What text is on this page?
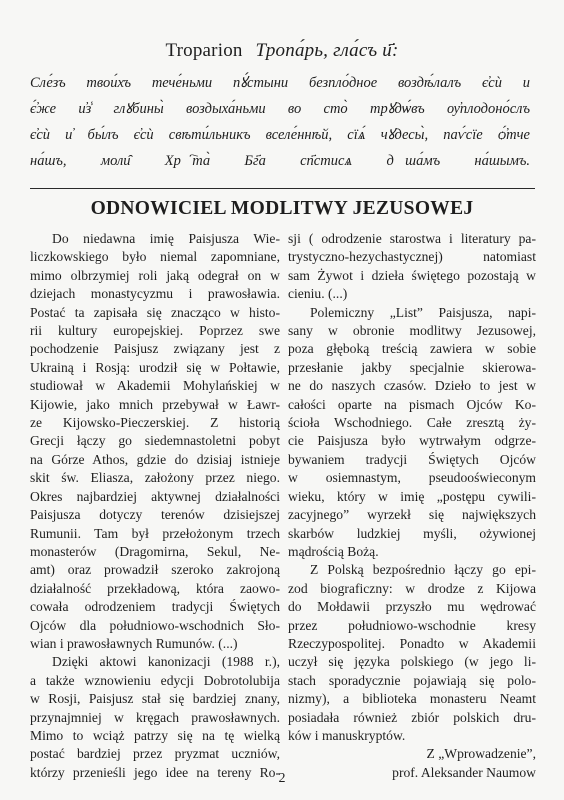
Troparion Тропа́рь, гла́съ и҃:
Сле́зъ твои́хъ тече́ньми пꙋ́стыни безпло́дное воздѣ́лалъ є҆сѝ и҆
є҆́же и҆з̾ глꙋбины̀ воздыха́ньми во сто̀ трꙋдѡ́въ ѹ҆плодоно́слъ
є҆сѝ и҆ бы́лъ є҆сѝ свѣти́льникъ вселе́ннѣй, сїѧ́ чꙋдесы̀, паѵ́сїе ѻ҆́тче
на́шъ, моли̑ Хрⷭ҇та̀ Бг҃а сп҃стисѧ дꙋша́мъ на́шымъ.
ODNOWICIEL MODLITWY JEZUSOWEJ
Do niedawna imię Paisjusza Wie-
liczkowskiego było niemal zapomniane,
mimo olbrzymiej roli jaką odegrał on w
dziejach monastycyzmu i prawosławia.
Postać ta zapisała się znacząco w histo-
rii kultury europejskiej. Poprzez swe
pochodzenie Paisjusz związany jest z
Ukrainą i Rosją: urodził się w Połtawie,
studiował w Akademii Mohylańskiej w
Kijowie, jako mnich przebywał w Ławr-
ze Kijowsko-Pieczerskiej. Z historią
Grecji łączy go siedemnastoletni pobyt
na Górze Athos, gdzie do dzisiaj istnieje
skit św. Eliasza, założony przez niego.
Okres najbardziej aktywnej działalności
Paisjusza dotyczy terenów dzisiejszej
Rumunii. Tam był przełożonym trzech
monasterów (Dragomirna, Sekul, Ne-
amt) oraz prowadził szeroko zakrojoną
działalność przekładową, która zaowo-
cowała odrodzeniem tradycji Świętych
Ojców dla południowo-wschodnich Sło-
wian i prawosławnych Rumunów. (...)
Dzięki aktowi kanonizacji (1988 r.),
a także wznowieniu edycji Dobrotolubija
w Rosji, Paisjusz stał się bardziej znany,
przynajmniej w kręgach prawosławnych.
Mimo to wciąż patrzy się na tę wielką
postać bardziej przez pryzmat uczniów,
którzy przenieśli jego idee na tereny Ro-
sji ( odrodzenie starostwa i literatury pa-
trystyczno-hezychastycznej) natomiast
sam Żywot i dzieła świętego pozostają w
cieniu. (...)
Polemiczny „List” Paisjusza, napi-
sany w obronie modlitwy Jezusowej,
poza głęboką treścią zawiera w sobie
przesłanie jakby specjalnie skierowa-
ne do naszych czasów. Dzieło to jest w
całości oparte na pismach Ojców Ko-
ścioła Wschodniego. Całe zresztą ży-
cie Paisjusza było wytrwałym odgrze-
bywaniem tradycji Świętych Ojców
w osiemnastym, pseudooświeconym
wieku, który w imię „postępu cywili-
zacyjnego” wyrzekł się największych
skarbów ludzkiej myśli, ożywionej
mądrością Bożą.
Z Polską bezpośrednio łączy go epi-
zod biograficzny: w drodze z Kijowa
do Mołdawii przyszło mu wędrować
przez południowo-wschodnie kresy
Rzeczypospolitej. Ponadto w Akademii
uczył się języka polskiego (w jego li-
stach sporadycznie pojawiają się polo-
nizmy), a biblioteka monasteru Neamt
posiadała również zbiór polskich dru-
ków i manuskryptów.
Z „Wprowadzenie”,
prof. Aleksander Naumow
2
